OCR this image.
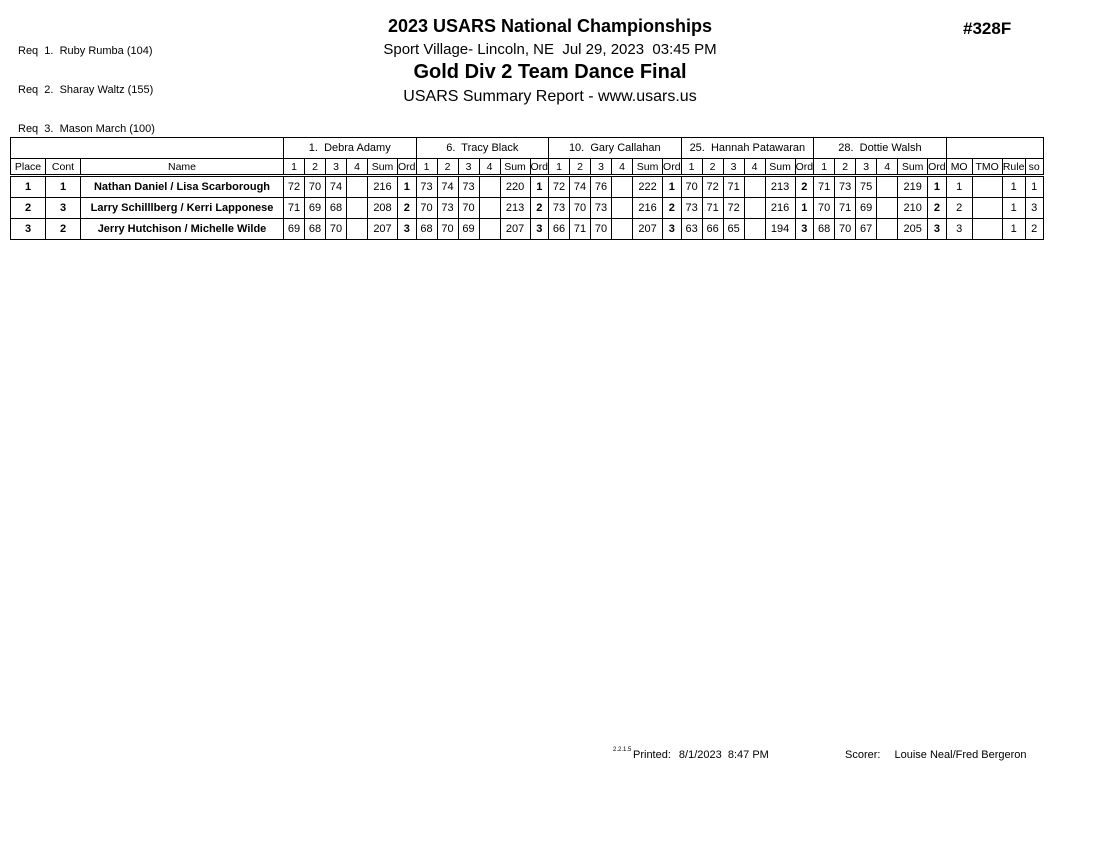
Req  1.  Ruby Rumba (104)

Req  2.  Sharay Waltz (155)

Req  3.  Mason March (100)

2023 USARS National Championships
Sport Village- Lincoln, NE  Jul 29, 2023  03:45 PM
Gold Div 2 Team Dance Final
USARS Summary Report - www.usars.us
#328F
			1.  Debra Adamy						6.  Tracy Black						10.  Gary Callahan						25.  Hannah Patawaran						28.  Dottie Walsh									
Place	Cont	Name	1	2	3	4	Sum	Ord	1	2	3	4	Sum	Ord	1	2	3	4	Sum	Ord	1	2	3	4	Sum	Ord	1	2	3	4	Sum	Ord	MO	TMO	Rule	so
1	1	Nathan Daniel / Lisa Scarborough	72	70	74		216	1	73	74	73		220	1	72	74	76		222	1	70	72	71		213	2	71	73	75		219	1	1		1	1
2	3	Larry Schilllberg / Kerri Lapponese	71	69	68		208	2	70	73	70		213	2	73	70	73		216	2	73	71	72		216	1	70	71	69		210	2	2		1	3
3	2	Jerry Hutchison / Michelle Wilde	69	68	70		207	3	68	70	69		207	3	66	71	70		207	3	63	66	65		194	3	68	70	67		205	3	3		1	2
2.2.1.5 Printed: 8/1/2023  8:47 PM	Scorer: Louise Neal/Fred Bergeron
